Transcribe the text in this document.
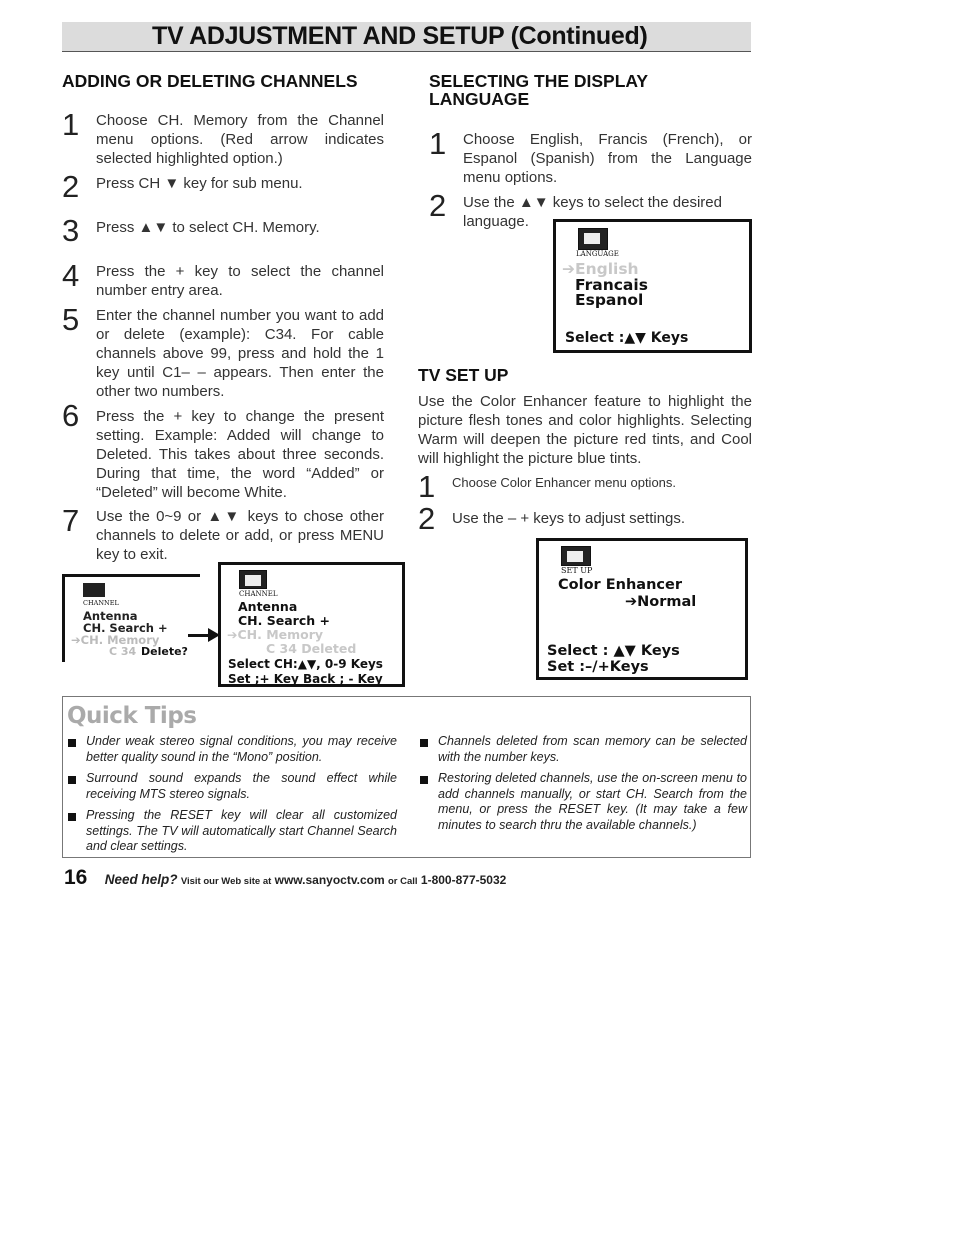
TV ADJUSTMENT AND SETUP (Continued)
ADDING OR DELETING CHANNELS
1 Choose CH. Memory from the Channel menu options. (Red arrow indicates selected highlighted option.)
2 Press CH ▼ key for sub menu.
3 Press ▲▼ to select CH. Memory.
4 Press the + key to select the channel number entry area.
5 Enter the channel number you want to add or delete (example): C34. For cable channels above 99, press and hold the 1 key until C1– – appears. Then enter the other two numbers.
6 Press the + key to change the present setting. Example: Added will change to Deleted. This takes about three seconds. During that time, the word “Added” or “Deleted” will become White.
7 Use the 0~9 or ▲▼ keys to chose other channels to delete or add, or press MENU key to exit.
CHANNEL
Antenna
CH. Search +
➔CH. Memory
C 34 Delete?
CHANNEL
Antenna
CH. Search +
➔CH. Memory
C 34 Deleted
Select CH:▲▼, 0-9 Keys
Set ;+ Key Back ; - Key
SELECTING THE DISPLAY
LANGUAGE
1 Choose English, Francis (French), or Espanol (Spanish) from the Language menu options.
2 Use the ▲▼ keys to select the desired language.
LANGUAGE
➔English
Francais
Espanol
Select :▲▼ Keys
TV SET UP
Use the Color Enhancer feature to highlight the picture flesh tones and color highlights. Selecting Warm will deepen the picture red tints, and Cool will highlight the picture blue tints.
1 Choose Color Enhancer menu options.
2 Use the – + keys to adjust settings.
SET UP
Color Enhancer
➔Normal
Select : ▲▼ Keys
Set :–/+Keys
Quick Tips
Under weak stereo signal conditions, you may receive better quality sound in the “Mono” position.
Surround sound expands the sound effect while receiving MTS stereo signals.
Pressing the RESET key will clear all customized settings. The TV will automatically start Channel Search and clear settings.
Channels deleted from scan memory can be selected with the number keys.
Restoring deleted channels, use the on-screen menu to add channels manually, or start CH. Search from the menu, or press the RESET key. (It may take a few minutes to search thru the available channels.)
16 Need help? Visit our Web site at www.sanyoctv.com or Call 1-800-877-5032
